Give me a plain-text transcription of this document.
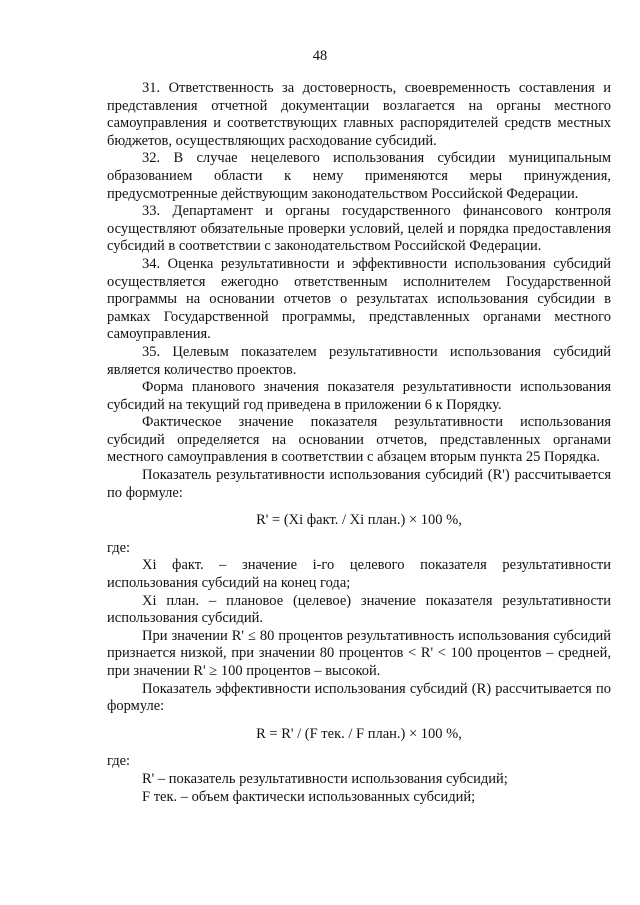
48

31. Ответственность за достоверность, своевременность составления и представления отчетной документации возлагается на органы местного самоуправления и соответствующих главных распорядителей средств местных бюджетов, осуществляющих расходование субсидий.

32. В случае нецелевого использования субсидии муниципальным образованием области к нему применяются меры принуждения, предусмотренные действующим законодательством Российской Федерации.

33. Департамент и органы государственного финансового контроля осуществляют обязательные проверки условий, целей и порядка предоставления субсидий в соответствии с законодательством Российской Федерации.

34. Оценка результативности и эффективности использования субсидий осуществляется ежегодно ответственным исполнителем Государственной программы на основании отчетов о результатах использования субсидии в рамках Государственной программы, представленных органами местного самоуправления.

35. Целевым показателем результативности использования субсидий является количество проектов.

Форма планового значения показателя результативности использования субсидий на текущий год приведена в приложении 6 к Порядку.

Фактическое значение показателя результативности использования субсидий определяется на основании отчетов, представленных органами местного самоуправления в соответствии с абзацем вторым пункта 25 Порядка.

Показатель результативности использования субсидий (R') рассчитывается по формуле:

R' = (Xi факт. / Xi план.) × 100 %,

где:

Xi факт. – значение i-го целевого показателя результативности использования субсидий на конец года;

Xi план. – плановое (целевое) значение показателя результативности использования субсидий.

При значении R' ≤ 80 процентов результативность использования субсидий признается низкой, при значении 80 процентов < R' < 100 процентов – средней, при значении R' ≥ 100 процентов – высокой.

Показатель эффективности использования субсидий (R) рассчитывается по формуле:

R = R' / (F тек. / F план.) × 100 %,

где:

R' – показатель результативности использования субсидий;

F тек. – объем фактически использованных субсидий;
